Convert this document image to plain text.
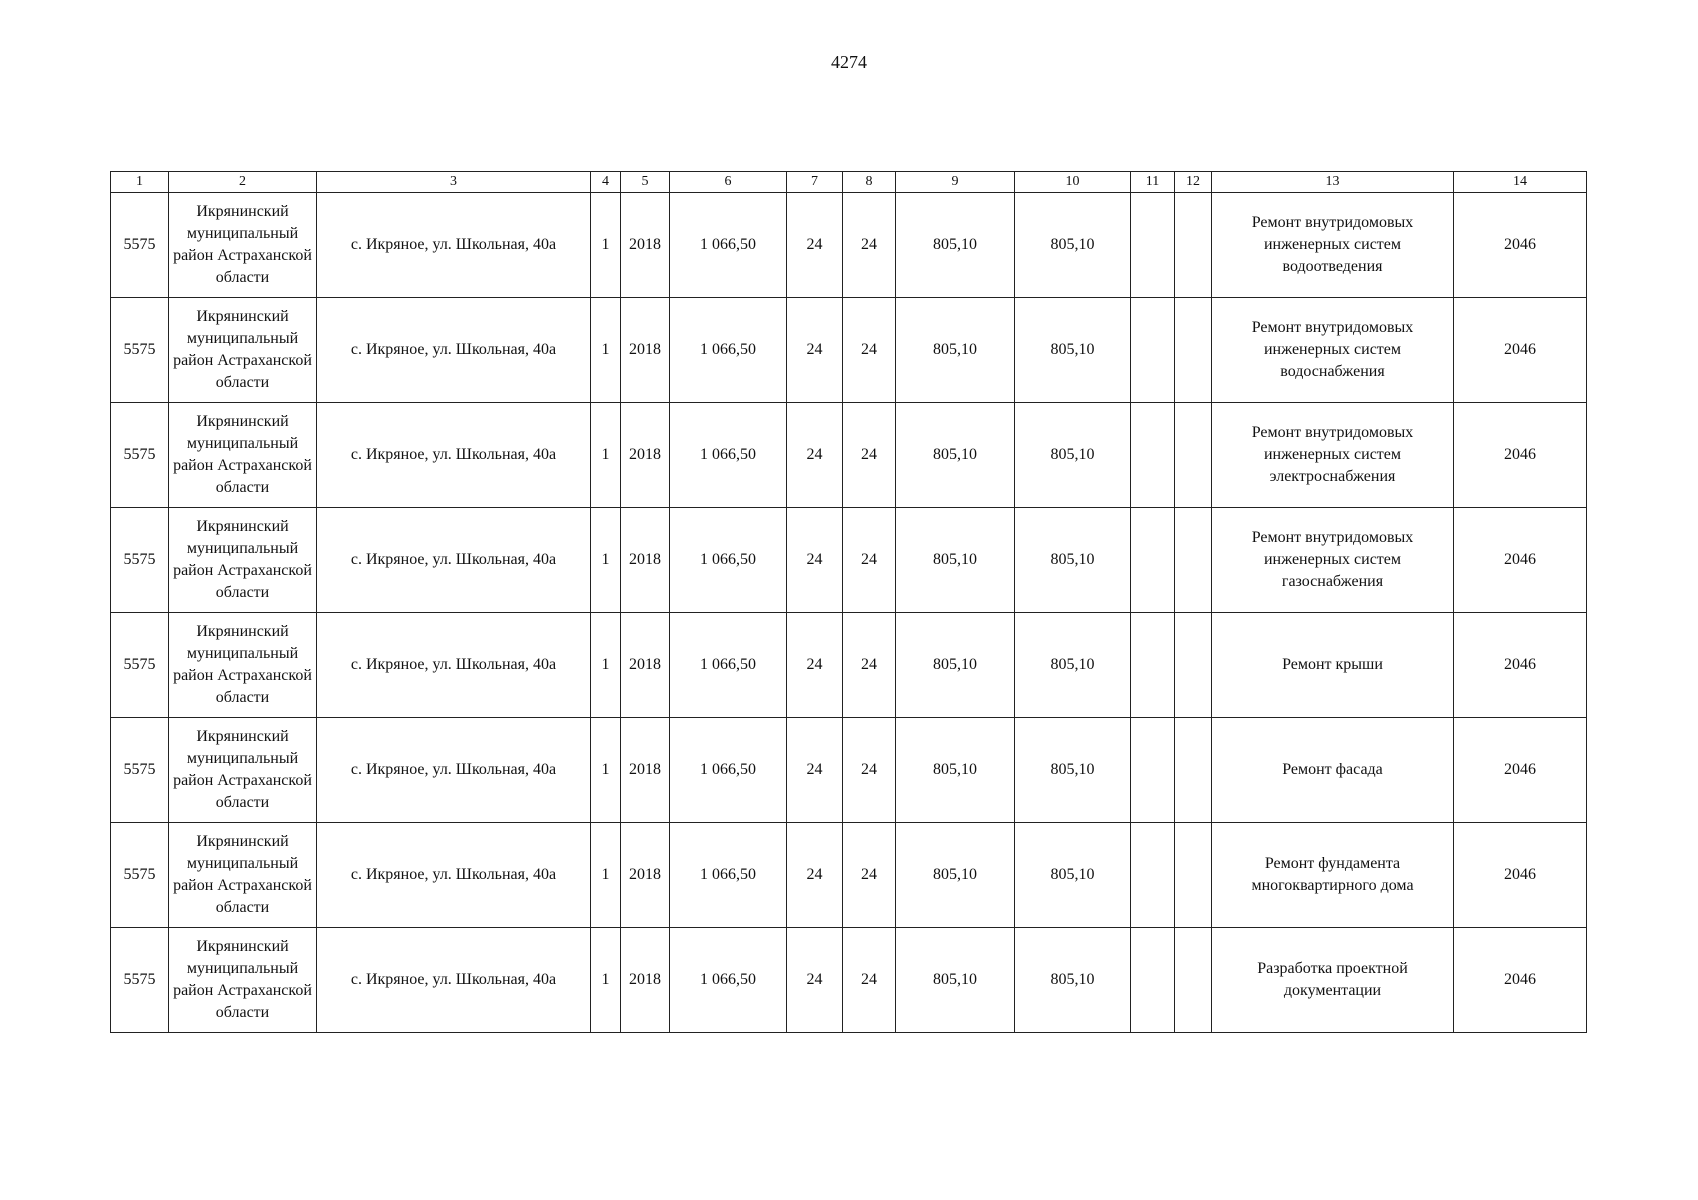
4274
1	2	3	4	5	6	7	8	9	10	11	12	13	14
5575	Икрянинский муниципальный район Астраханской области	с. Икряное, ул. Школьная, 40а	1	2018	1 066,50	24	24	805,10	805,10			Ремонт внутридомовых инженерных систем водоотведения	2046
5575	Икрянинский муниципальный район Астраханской области	с. Икряное, ул. Школьная, 40а	1	2018	1 066,50	24	24	805,10	805,10			Ремонт внутридомовых инженерных систем водоснабжения	2046
5575	Икрянинский муниципальный район Астраханской области	с. Икряное, ул. Школьная, 40а	1	2018	1 066,50	24	24	805,10	805,10			Ремонт внутридомовых инженерных систем электроснабжения	2046
5575	Икрянинский муниципальный район Астраханской области	с. Икряное, ул. Школьная, 40а	1	2018	1 066,50	24	24	805,10	805,10			Ремонт внутридомовых инженерных систем газоснабжения	2046
5575	Икрянинский муниципальный район Астраханской области	с. Икряное, ул. Школьная, 40а	1	2018	1 066,50	24	24	805,10	805,10			Ремонт крыши	2046
5575	Икрянинский муниципальный район Астраханской области	с. Икряное, ул. Школьная, 40а	1	2018	1 066,50	24	24	805,10	805,10			Ремонт фасада	2046
5575	Икрянинский муниципальный район Астраханской области	с. Икряное, ул. Школьная, 40а	1	2018	1 066,50	24	24	805,10	805,10			Ремонт фундамента многоквартирного дома	2046
5575	Икрянинский муниципальный район Астраханской области	с. Икряное, ул. Школьная, 40а	1	2018	1 066,50	24	24	805,10	805,10			Разработка проектной документации	2046
